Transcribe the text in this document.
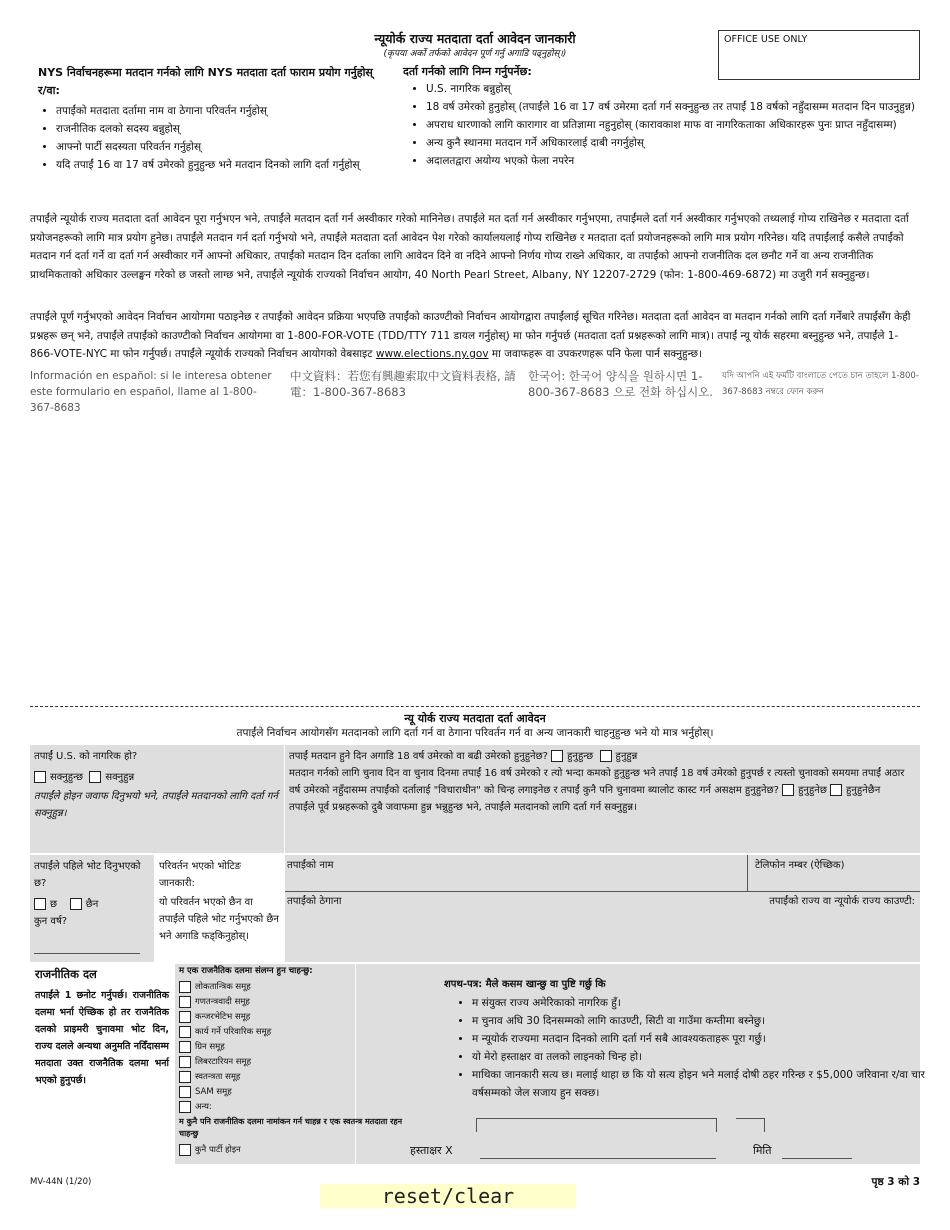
न्यूयोर्क राज्य मतदाता दर्ता आवेदन जानकारी
(कृपया अर्को तर्फको आवेदन पूर्ण गर्नु अगाडि पढ्नुहोस्।)
OFFICE USE ONLY
NYS निर्वाचनहरूमा मतदान गर्नको लागि NYS मतदाता दर्ता फाराम प्रयोग गर्नुहोस् र/वा:
• तपाईंको मतदाता दर्तामा नाम वा ठेगाना परिवर्तन गर्नुहोस्
• राजनीतिक दलको सदस्य बन्नुहोस्
• आफ्नो पार्टी सदस्यता परिवर्तन गर्नुहोस्
• यदि तपाईं 16 वा 17 वर्ष उमेरको हुनुहुन्छ भने मतदान दिनको लागि दर्ता गर्नुहोस्
दर्ता गर्नको लागि निम्न गर्नुपर्नेछ:
• U.S. नागरिक बन्नुहोस्
• 18 वर्ष उमेरको हुनुहोस् (तपाईंले 16 वा 17 वर्ष उमेरमा दर्ता गर्न सक्नुहुन्छ तर तपाईं 18 वर्षको नहुँदासम्म मतदान दिन पाउनुहुन्न)
• अपराध धारणाको लागि कारागार वा प्रतिज्ञामा नहुनुहोस् (कारावकाश माफ वा नागरिकताका अधिकारहरू पुनः प्राप्त नहुँदासम्म)
• अन्य कुनै स्थानमा मतदान गर्ने अधिकारलाई दाबी नगर्नुहोस्
• अदालतद्वारा अयोग्य भएको फेला नपरेन
तपाईंले न्यूयोर्क राज्य मतदाता दर्ता आवेदन पूरा गर्नुभएन भने, तपाईंले मतदान दर्ता गर्न अस्वीकार गरेको मानिनेछ। तपाईंले मत दर्ता गर्न अस्वीकार गर्नुभएमा, तपाईंमले दर्ता गर्न अस्वीकार गर्नुभएको तथ्यलाई गोप्य राखिनेछ र मतदाता दर्ता प्रयोजनहरूको लागि मात्र प्रयोग हुनेछ। तपाईंले मतदान गर्न दर्ता गर्नुभयो भने, तपाईंले मतदाता दर्ता आवेदन पेश गरेको कार्यालयलाई गोप्य राखिनेछ र मतदाता दर्ता प्रयोजनहरूको लागि मात्र प्रयोग गरिनेछ। यदि तपाईंलाई कसैले तपाईंको मतदान गर्न दर्ता गर्ने वा दर्ता गर्न अस्वीकार गर्ने आफ्नो अधिकार, तपाईंको मतदान दिन दर्ताका लागि आवेदन दिने वा नदिने आफ्नो निर्णय गोप्य राख्ने अधिकार, वा तपाईंको आफ्नो राजनीतिक दल छनौट गर्ने वा अन्य राजनीतिक प्राथमिकताको अधिकार उल्लङ्घन गरेको छ जस्तो लाग्छ भने, तपाईंले न्यूयोर्क राज्यको निर्वाचन आयोग, 40 North Pearl Street, Albany, NY 12207-2729 (फोन: 1-800-469-6872) मा उजुरी गर्न सक्नुहुन्छ।
तपाईंले पूर्ण गर्नुभएको आवेदन निर्वाचन आयोगमा पठाइनेछ र तपाईंको आवेदन प्रक्रिया भएपछि तपाईंको काउण्टीको निर्वाचन आयोगद्वारा तपाईंलाई सूचित गरिनेछ। मतदाता दर्ता आवेदन वा मतदान गर्नको लागि दर्ता गर्नेबारे तपाईंसँग केही प्रश्नहरू छन् भने, तपाईंले तपाईंको काउण्टीको निर्वाचन आयोगमा वा 1-800-FOR-VOTE (TDD/TTY 711 डायल गर्नुहोस्) मा फोन गर्नुपर्छ (मतदाता दर्ता प्रश्नहरूको लागि मात्र)। तपाईं न्यू योर्क सहरमा बस्नुहुन्छ भने, तपाईंले 1-866-VOTE-NYC मा फोन गर्नुपर्छ। तपाईंले न्यूयोर्क राज्यको निर्वाचन आयोगको वेबसाइट www.elections.ny.gov मा जवाफहरू वा उपकरणहरू पनि फेला पार्न सक्नुहुन्छ।
Información en español: si le interesa obtener este formulario en español, llame al 1-800-367-8683
中文資料：若您有興趣索取中文資料表格, 請電：1-800-367-8683
한국어: 한국어 양식을 원하시면 1-800-367-8683 으로 전화 하십시오.
যদি আপনি এই ফর্মটি বাংলাতে পেতে চান তাহলে 1-800-367-8683 নম্বরে ফোন করুন
न्यू योर्क राज्य मतदाता दर्ता आवेदन
तपाईंले निर्वाचन आयोगसँग मतदानको लागि दर्ता गर्न वा ठेगाना परिवर्तन गर्न वा अन्य जानकारी चाहनुहुन्छ भने यो मात्र भर्नुहोस्।
तपाईं U.S. को नागरिक हो?
सक्नुहुन्छ सक्नुहुन्न
तपाईंले होइन जवाफ दिनुभयो भने, तपाईंले मतदानको लागि दर्ता गर्न सक्नुहुन्न।
तपाईं मतदान हुने दिन अगाडि 18 वर्ष उमेरको वा बढी उमेरको हुनुहुनेछ? हुनुहुन्छ हुनुहुन्न
मतदान गर्नको लागि चुनाव दिन वा चुनाव दिनमा तपाईं 16 वर्ष उमेरको र त्यो भन्दा कमको हुनुहुन्छ भने तपाईं 18 वर्ष उमेरको हुनुपर्छ र त्यस्तो चुनावको समयमा तपाईं अठार वर्ष उमेरको नहुँदासम्म तपाईंको दर्तालाई "विचाराधीन" को चिन्ह लगाइनेछ र तपाईं कुनै पनि चुनावमा ब्यालोट कास्ट गर्न असक्षम हुनुहुनेछ? हुनुहुनेछ हुनुहुनेछैन
तपाईंले पूर्व प्रश्नहरूको दुबै जवाफमा हुन्न भन्नुहुन्छ भने, तपाईंले मतदानको लागि दर्ता गर्न सक्नुहुन्न।
तपाईंले पहिले भोट दिनुभएको छ?
छ	छैन
कुन वर्ष?
परिवर्तन भएको भोटिङ जानकारी:
यो परिवर्तन भएको छैन वा तपाईंले पहिले भोट गर्नुभएको छैन भने अगाडि फड्किनुहोस्।
तपाईंको नाम	टेलिफोन नम्बर (ऐच्छिक)
तपाईंको ठेगाना	तपाईंको राज्य वा न्यूयोर्क राज्य काउण्टी:
राजनीतिक दल
तपाईंले 1 छनोट गर्नुपर्छ। राजनीतिक दलमा भर्ना ऐच्छिक हो तर राजनैतिक दलको प्राइमरी चुनावमा भोट दिन, राज्य दलले अन्यथा अनुमति नदिँदासम्म मतदाता उक्त राजनैतिक दलमा भर्ना भएको हुनुपर्छ।
म एक राजनैतिक दलमा संलग्न हुन चाहन्छु:
लोकतान्त्रिक समूह
गणतन्त्रवादी समूह
कन्जरभेटिभ समूह
कार्य गर्ने परिवारिक समूह
ग्रिन समूह
लिबरटारियन समूह
स्वतन्त्रता समूह
SAM समूह
अन्य:
म कुनै पनि राजनीतिक दलमा नामांकन गर्न चाहन्न र एक स्वतन्त्र मतदाता रहन चाहन्छु
कुनै पार्टी होइन
शपथ-पत्र: मैले कसम खान्छु वा पुष्टि गर्छु कि
• म संयुक्त राज्य अमेरिकाको नागरिक हुँ।
• म चुनाव अघि 30 दिनसम्मको लागि काउण्टी, सिटी वा गाउँमा कम्तीमा बस्नेछु।
• म न्यूयोर्क राज्यमा मतदान दिनको लागि दर्ता गर्न सबै आवश्यकताहरू पूरा गर्छु।
• यो मेरो हस्ताक्षर वा तलको लाइनको चिन्ह हो।
• माथिका जानकारी सत्य छ। मलाई थाहा छ कि यो सत्य होइन भने मलाई दोषी ठहर गरिन्छ र $5,000 जरिवाना र/वा चार वर्षसम्मको जेल सजाय हुन सक्छ।
हस्ताक्षर X	मिति
MV-44N (1/20)	पृष्ठ 3 को 3
reset/clear
